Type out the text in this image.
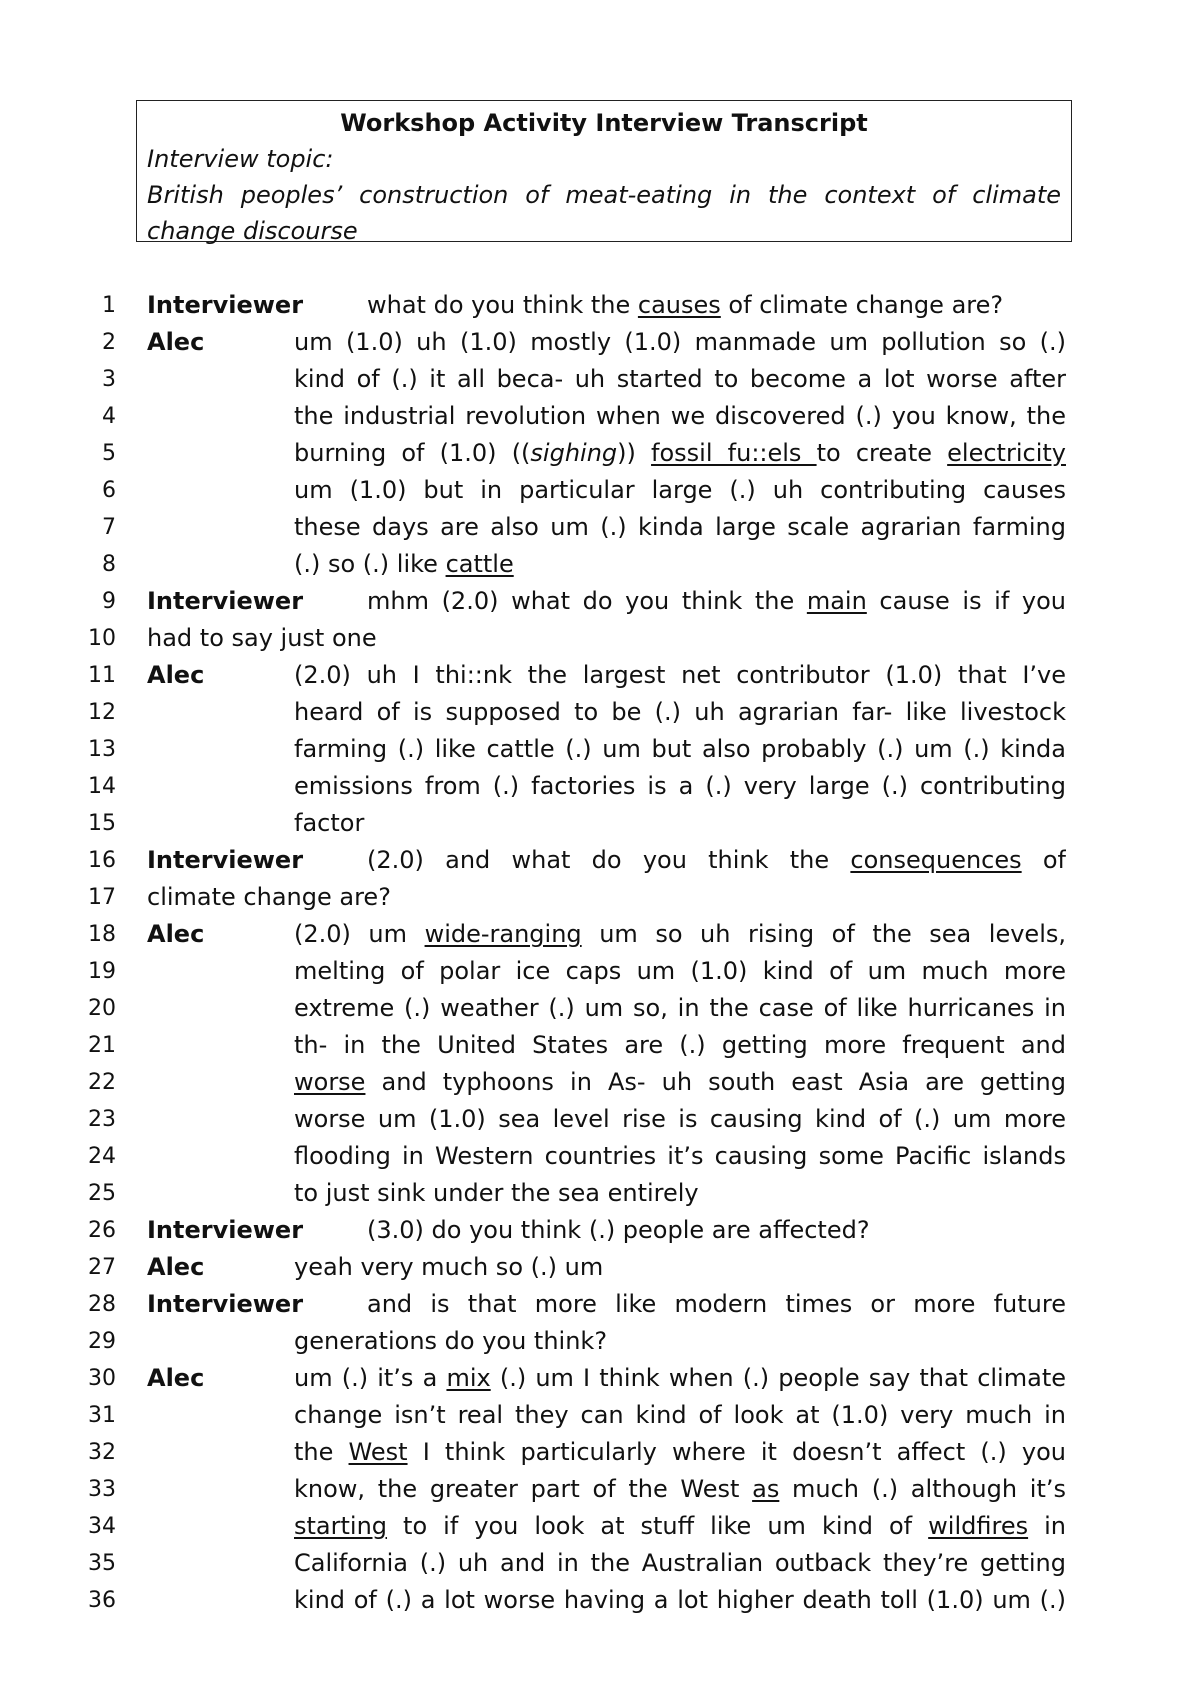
Workshop Activity Interview Transcript
Interview topic:
British peoples’ construction of meat-eating in the context of climate
change discourse
1 Interviewer	what do you think the causes of climate change are?
2 Alec	um (1.0) uh (1.0) mostly (1.0) manmade um pollution so (.)
3	kind of (.) it all beca- uh started to become a lot worse after
4	the industrial revolution when we discovered (.) you know, the
5	burning of (1.0) ((sighing)) fossil fu::els to create electricity
6	um (1.0) but in particular large (.) uh contributing causes
7	these days are also um (.) kinda large scale agrarian farming
8	(.) so (.) like cattle
9 Interviewer	mhm (2.0) what do you think the main cause is if you
10 had to say just one
11 Alec	(2.0) uh I thi::nk the largest net contributor (1.0) that I’ve
12	heard of is supposed to be (.) uh agrarian far- like livestock
13	farming (.) like cattle (.) um but also probably (.) um (.) kinda
14	emissions from (.) factories is a (.) very large (.) contributing
15	factor
16 Interviewer	(2.0) and what do you think the consequences of
17 climate change are?
18 Alec	(2.0) um wide-ranging um so uh rising of the sea levels,
19	melting of polar ice caps um (1.0) kind of um much more
20	extreme (.) weather (.) um so, in the case of like hurricanes in
21	th- in the United States are (.) getting more frequent and
22	worse and typhoons in As- uh south east Asia are getting
23	worse um (1.0) sea level rise is causing kind of (.) um more
24	flooding in Western countries it’s causing some Pacific islands
25	to just sink under the sea entirely
26 Interviewer	(3.0) do you think (.) people are affected?
27 Alec	yeah very much so (.) um
28 Interviewer	and is that more like modern times or more future
29	generations do you think?
30 Alec	um (.) it’s a mix (.) um I think when (.) people say that climate
31	change isn’t real they can kind of look at (1.0) very much in
32	the West I think particularly where it doesn’t affect (.) you
33	know, the greater part of the West as much (.) although it’s
34	starting to if you look at stuff like um kind of wildfires in
35	California (.) uh and in the Australian outback they’re getting
36	kind of (.) a lot worse having a lot higher death toll (1.0) um (.)
